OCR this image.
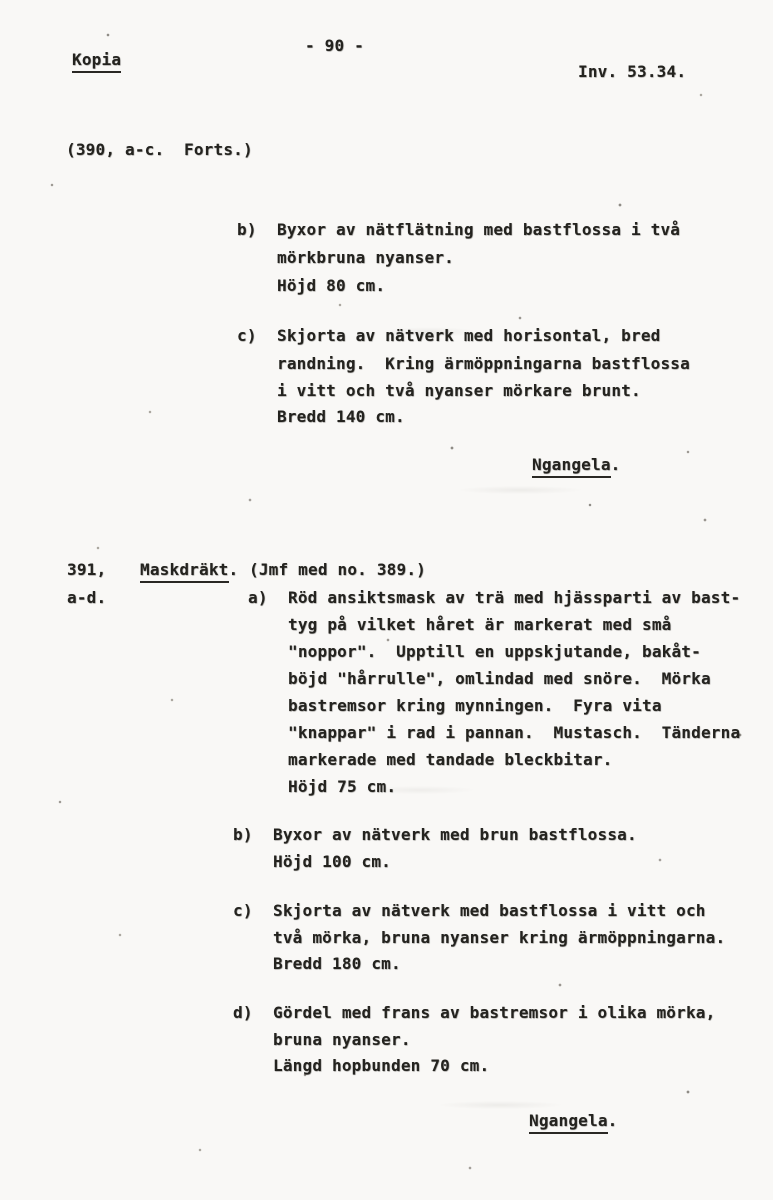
Kopia
- 90 -
Inv. 53.34.
(390, a-c.  Forts.)
b) Byxor av nätflätning med bastflossa i två
mörkbruna nyanser.
Höjd 80 cm.
c) Skjorta av nätverk med horisontal, bred
randning.  Kring ärmöppningarna bastflossa
i vitt och två nyanser mörkare brunt.
Bredd 140 cm.
Ngangela.
391, Maskdräkt. (Jmf med no. 389.)
a-d.	a) Röd ansiktsmask av trä med hjässparti av bast-
tyg på vilket håret är markerat med små
"noppor".  Upptill en uppskjutande, bakåt-
böjd "hårrulle", omlindad med snöre.  Mörka
bastremsor kring mynningen.  Fyra vita
"knappar" i rad i pannan.  Mustasch.  Tänderna
markerade med tandade bleckbitar.
Höjd 75 cm.
b) Byxor av nätverk med brun bastflossa.
Höjd 100 cm.
c) Skjorta av nätverk med bastflossa i vitt och
två mörka, bruna nyanser kring ärmöppningarna.
Bredd 180 cm.
d) Gördel med frans av bastremsor i olika mörka,
bruna nyanser.
Längd hopbunden 70 cm.
Ngangela.
